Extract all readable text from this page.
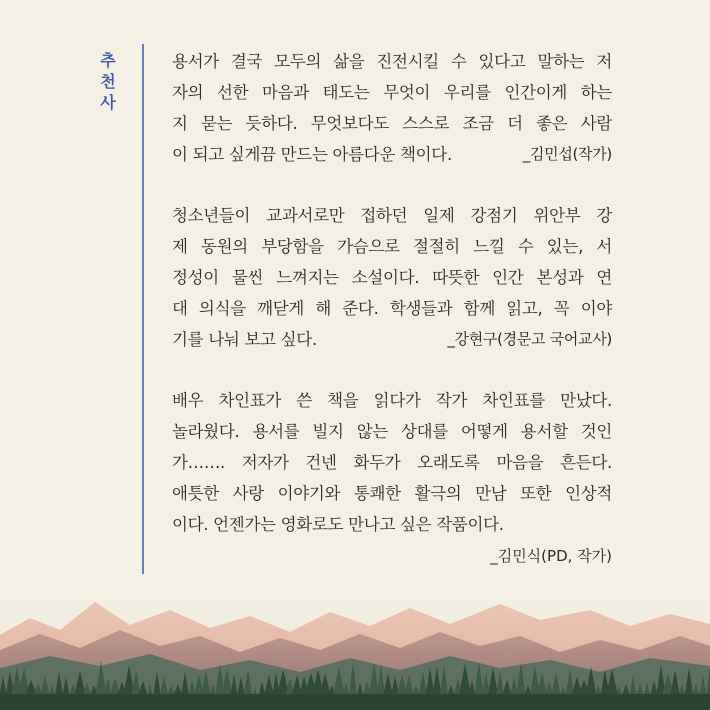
추천사

용서가 결국 모두의 삶을 진전시킬 수 있다고 말하는 저

자의 선한 마음과 태도는 무엇이 우리를 인간이게 하는

지 묻는 듯하다. 무엇보다도 스스로 조금 더 좋은 사람

이 되고 싶게끔 만드는 아름다운 책이다.	_김민섭(작가)

청소년들이 교과서로만 접하던 일제 강점기 위안부 강

제 동원의 부당함을 가슴으로 절절히 느낄 수 있는, 서

정성이 물씬 느껴지는 소설이다. 따뜻한 인간 본성과 연

대 의식을 깨닫게 해 준다. 학생들과 함께 읽고, 꼭 이야

기를 나눠 보고 싶다.	_강현구(경문고 국어교사)

배우 차인표가 쓴 책을 읽다가 작가 차인표를 만났다.

놀라웠다. 용서를 빌지 않는 상대를 어떻게 용서할 것인

가……. 저자가 건넨 화두가 오래도록 마음을 흔든다.

애틋한 사랑 이야기와 통쾌한 활극의 만남 또한 인상적

이다. 언젠가는 영화로도 만나고 싶은 작품이다.

_김민식(PD, 작가)
